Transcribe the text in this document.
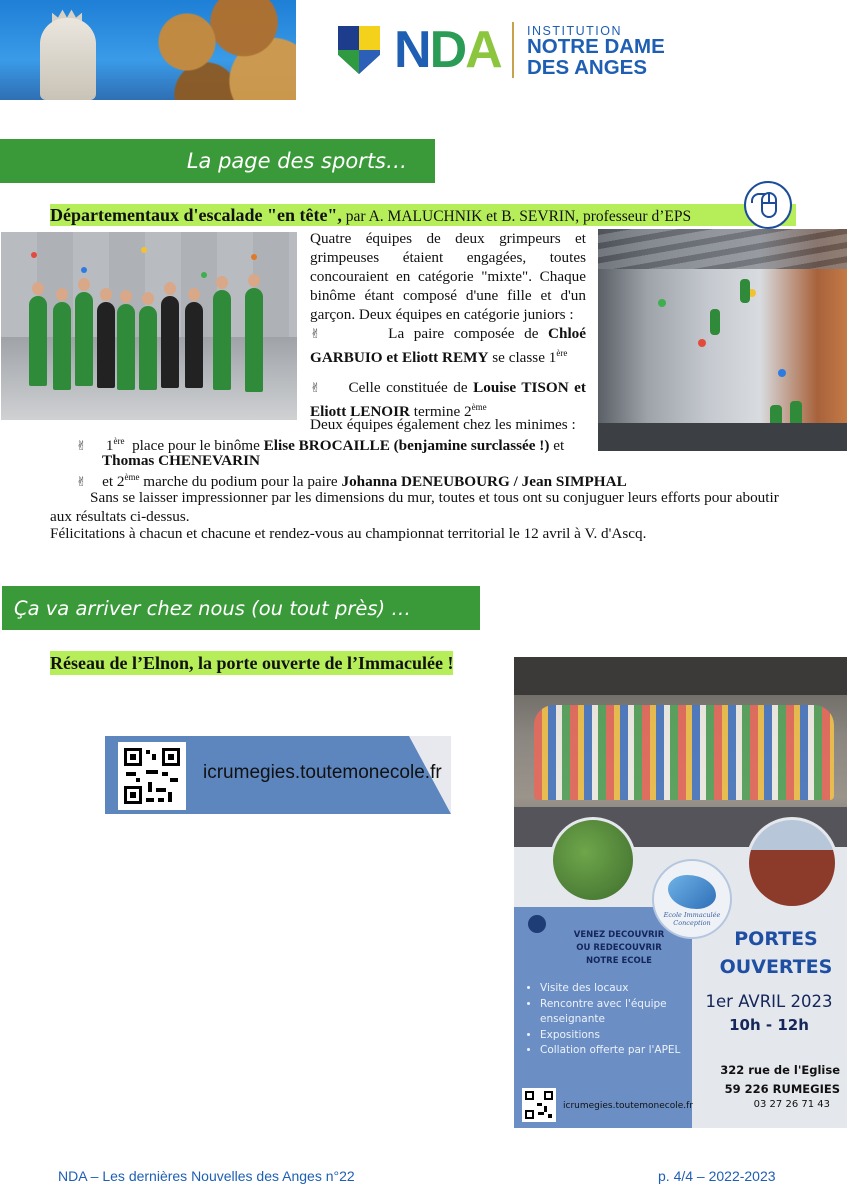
NDA INSTITUTION
NOTRE DAME
DES ANGES
La page des sports…
Départementaux d'escalade "en tête", par A. MALUCHNIK et B. SEVRIN, professeur d’EPS
Quatre équipes de deux grimpeurs et grimpeuses étaient engagées, toutes concouraient en catégorie "mixte". Chaque binôme étant composé d'une fille et d'un garçon. Deux équipes en catégorie juniors :
✌	La paire composée de Chloé GARBUIO et Eliott REMY se classe 1ère
✌ Celle constituée de Louise TISON et Eliott LENOIR termine 2ème
Deux équipes également chez les minimes :
✌ 1ère  place pour le binôme Elise BROCAILLE (benjamine surclassée !) et
Thomas CHENEVARIN
✌ et 2ème marche du podium pour la paire Johanna DENEUBOURG / Jean SIMPHAL
Sans se laisser impressionner par les dimensions du mur, toutes et tous ont su conjuguer leurs efforts pour aboutir aux résultats ci-dessus.
Félicitations à chacun et chacune et rendez-vous au championnat territorial le 12 avril à V. d'Ascq.
Ça va arriver chez nous (ou tout près) …
Réseau de l’Elnon, la porte ouverte de l’Immaculée !
icrumegies.toutemonecole.fr
Ecole Immaculée Conception
VENEZ DECOUVRIR
OU REDECOUVRIR
NOTRE ECOLE
• Visite des locaux
• Rencontre avec l'équipe enseignante
• Expositions
• Collation offerte par l'APEL
PORTES
OUVERTES
1er AVRIL 2023
10h - 12h
322 rue de l'Eglise
59 226 RUMEGIES
03 27 26 71 43
icrumegies.toutemonecole.fr
NDA – Les dernières Nouvelles des Anges n°22	p. 4/4 – 2022-2023
